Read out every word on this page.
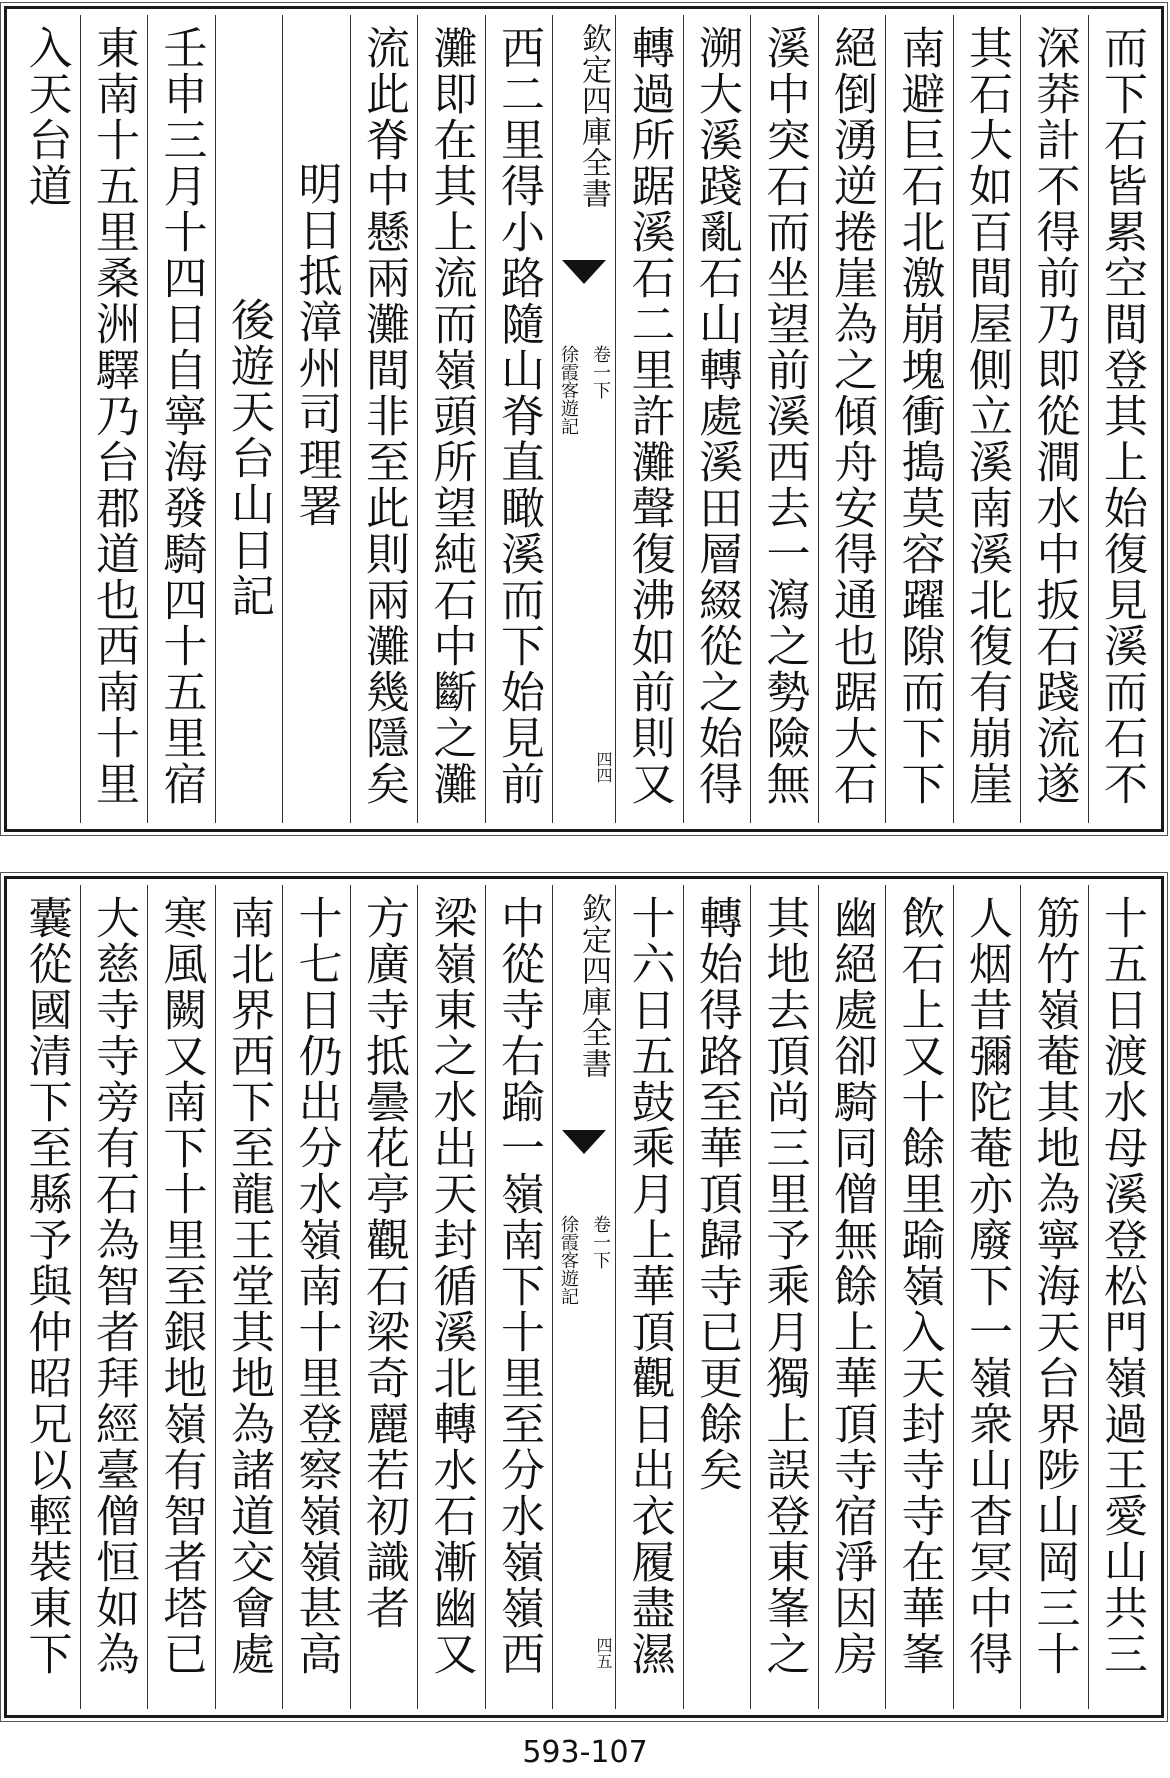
而下石皆累空間登其上始復見溪而石不
深莽計不得前乃即從澗水中扳石踐流遂
其石大如百間屋側立溪南溪北復有崩崖
南避巨石北激崩塊衝搗莫容躍隙而下下
絕倒湧逆捲崖為之傾舟安得通也踞大石
溪中突石而坐望前溪西去一瀉之勢險無
溯大溪踐亂石山轉處溪田層綴從之始得
轉過所踞溪石二里許灘聲復沸如前則又
欽定四庫全書
徐霞客遊記 卷一下
四四
西二里得小路隨山脊直瞰溪而下始見前
灘即在其上流而嶺頭所望純石中斷之灘
流此脊中懸兩灘間非至此則兩灘幾隱矣
明日抵漳州司理署
後遊天台山日記
壬申三月十四日自寧海發騎四十五里宿
東南十五里桑洲驛乃台郡道也西南十里
入天台道
十五日渡水母溪登松門嶺過王愛山共三
筋竹嶺菴其地為寧海天台界陟山岡三十
人烟昔彌陀菴亦廢下一嶺衆山杳冥中得
飲石上又十餘里踰嶺入天封寺寺在華峯
幽絕處卻騎同僧無餘上華頂寺宿淨因房
其地去頂尚三里予乘月獨上誤登東峯之
轉始得路至華頂歸寺已更餘矣
十六日五鼓乘月上華頂觀日出衣履盡濕
欽定四庫全書
徐霞客遊記 卷一下
四五
中從寺右踰一嶺南下十里至分水嶺嶺西
梁嶺東之水出天封循溪北轉水石漸幽又
方廣寺抵曇花亭觀石梁奇麗若初識者
十七日仍出分水嶺南十里登察嶺嶺甚高
南北界西下至龍王堂其地為諸道交會處
寒風闕又南下十里至銀地嶺有智者塔已
大慈寺寺旁有石為智者拜經臺僧恒如為
囊從國清下至縣予與仲昭兄以輕裝東下
593-107
